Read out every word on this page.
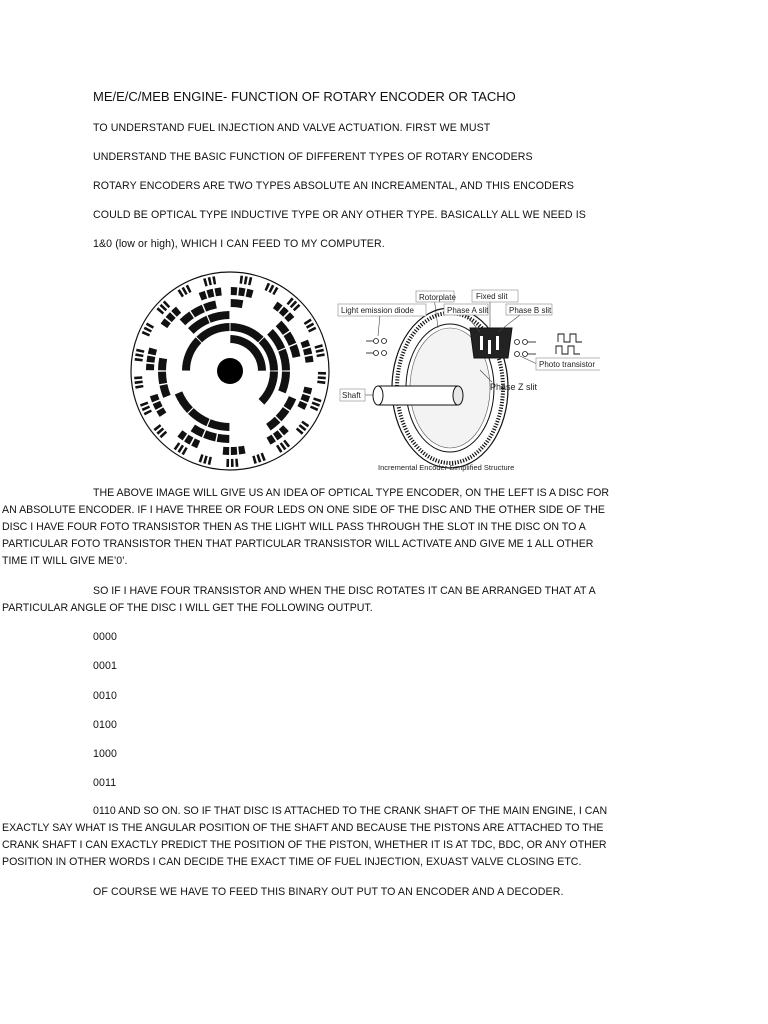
ME/E/C/MEB ENGINE- FUNCTION OF ROTARY ENCODER OR TACHO
TO UNDERSTAND FUEL INJECTION AND VALVE ACTUATION. FIRST WE MUST
UNDERSTAND THE BASIC FUNCTION OF DIFFERENT TYPES OF ROTARY ENCODERS
ROTARY ENCODERS ARE TWO TYPES ABSOLUTE AN INCREAMENTAL, AND THIS ENCODERS
COULD BE OPTICAL TYPE INDUCTIVE TYPE OR ANY OTHER TYPE. BASICALLY ALL WE NEED IS
1&0 (low or high), WHICH I CAN FEED TO MY COMPUTER.
Rotorplate	Fixed slit
Light emission diode	Phase A slit	Phase B slit
Photo transistor
Shaft
Phase Z slit
Incremental Encoder Simplified Structure
THE ABOVE IMAGE WILL GIVE US AN IDEA OF OPTICAL TYPE ENCODER, ON THE LEFT IS A DISC FOR
AN ABSOLUTE ENCODER. IF I HAVE THREE OR FOUR LEDS ON ONE SIDE OF THE DISC AND THE OTHER SIDE OF THE DISC I HAVE FOUR FOTO TRANSISTOR THEN AS THE LIGHT WILL PASS THROUGH THE SLOT IN THE DISC ON TO A PARTICULAR FOTO TRANSISTOR THEN THAT PARTICULAR TRANSISTOR WILL ACTIVATE AND GIVE ME 1 ALL OTHER TIME IT WILL GIVE ME’0’.
SO IF I HAVE FOUR TRANSISTOR AND WHEN THE DISC ROTATES IT CAN BE ARRANGED THAT AT A
PARTICULAR ANGLE OF THE DISC I WILL GET THE FOLLOWING OUTPUT.
0000
0001
0010
0100
1000
0011
0110 AND SO ON. SO IF THAT DISC IS ATTACHED TO THE CRANK SHAFT OF THE MAIN ENGINE, I CAN
EXACTLY SAY WHAT IS THE ANGULAR POSITION OF THE SHAFT AND BECAUSE THE PISTONS ARE ATTACHED TO THE CRANK SHAFT I CAN EXACTLY PREDICT THE POSITION OF THE PISTON, WHETHER IT IS AT TDC, BDC, OR ANY OTHER POSITION IN OTHER WORDS I CAN DECIDE THE EXACT TIME OF FUEL INJECTION, EXUAST VALVE CLOSING ETC.
OF COURSE WE HAVE TO FEED THIS BINARY OUT PUT TO AN ENCODER AND A DECODER.
